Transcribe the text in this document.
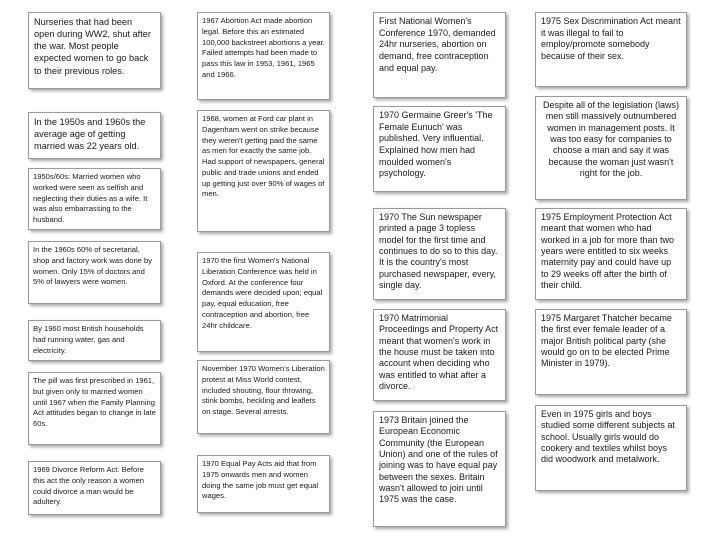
Nurseries that had been open during WW2, shut after the war. Most people expected women to go back to their previous roles.
In the 1950s and 1960s the average age of getting married was 22 years old.
1950s/60s: Married women who worked were seen as selfish and neglecting their duties as a wife. It was also embarrassing to the husband.
In the 1960s 60% of secretarial, shop and factory work was done by women. Only 15% of doctors and 5% of lawyers were women.
By 1960 most British households had running water, gas and electricity.
The pill was first prescribed in 1961, but given only to married women until 1967 when the Family Planning Act attitudes began to change in late 60s.
1969 Divorce Reform Act. Before this act the only reason a women could divorce a man would be adultery.
1967 Abortion Act made abortion legal. Before this an estimated 100,000 backstreet abortions a year. Failed attempts had been made to pass this law in 1953, 1961, 1965 and 1966.
1968, women at Ford car plant in Dagenham went on strike because they weren't getting paid the same as men for exactly the same job. Had support of newspapers, general public and trade unions and ended up getting just over 90% of wages of men.
1970 the first Women's National Liberation Conference was held in Oxford. At the conference four demands were decided upon; equal pay, equal education, free contraception and abortion, free 24hr childcare.
November 1970 Women's Liberation protest at Miss World contest, included shouting, flour throwing, stink bombs, heckling and leaflets on stage. Several arrests.
1970 Equal Pay Acts aid that from 1975 onwards men and women doing the same job must get equal wages.
First National Women's Conference 1970, demanded 24hr nurseries, abortion on demand, free contraception and equal pay.
1970 Germaine Greer's 'The Female Eunuch' was published. Very influential. Explained how men had moulded women's psychology.
1970 The Sun newspaper printed a page 3 topless model for the first time and continues to do so to this day. It is the country's most purchased newspaper, every, single day.
1970 Matrimonial Proceedings and Property Act meant that women's work in the house must be taken into account when deciding who was entitled to what after a divorce.
1973 Britain joined the European Economic Community (the European Union) and one of the rules of joining was to have equal pay between the sexes. Britain wasn't allowed to join until 1975 was the case.
1975 Sex Discrimination Act meant it was illegal to fail to employ/promote somebody because of their sex.
Despite all of the legislation (laws) men still massively outnumbered women in management posts. It was too easy for companies to choose a man and say it was because the woman just wasn't right for the job.
1975 Employment Protection Act meant that women who had worked in a job for more than two years were entitled to six weeks maternity pay and could have up to 29 weeks off after the birth of their child.
1975 Margaret Thatcher became the first ever female leader of a major British political party (she would go on to be elected Prime Minister in 1979).
Even in 1975 girls and boys studied some different subjects at school. Usually girls would do cookery and textiles whilst boys did woodwork and metalwork.
